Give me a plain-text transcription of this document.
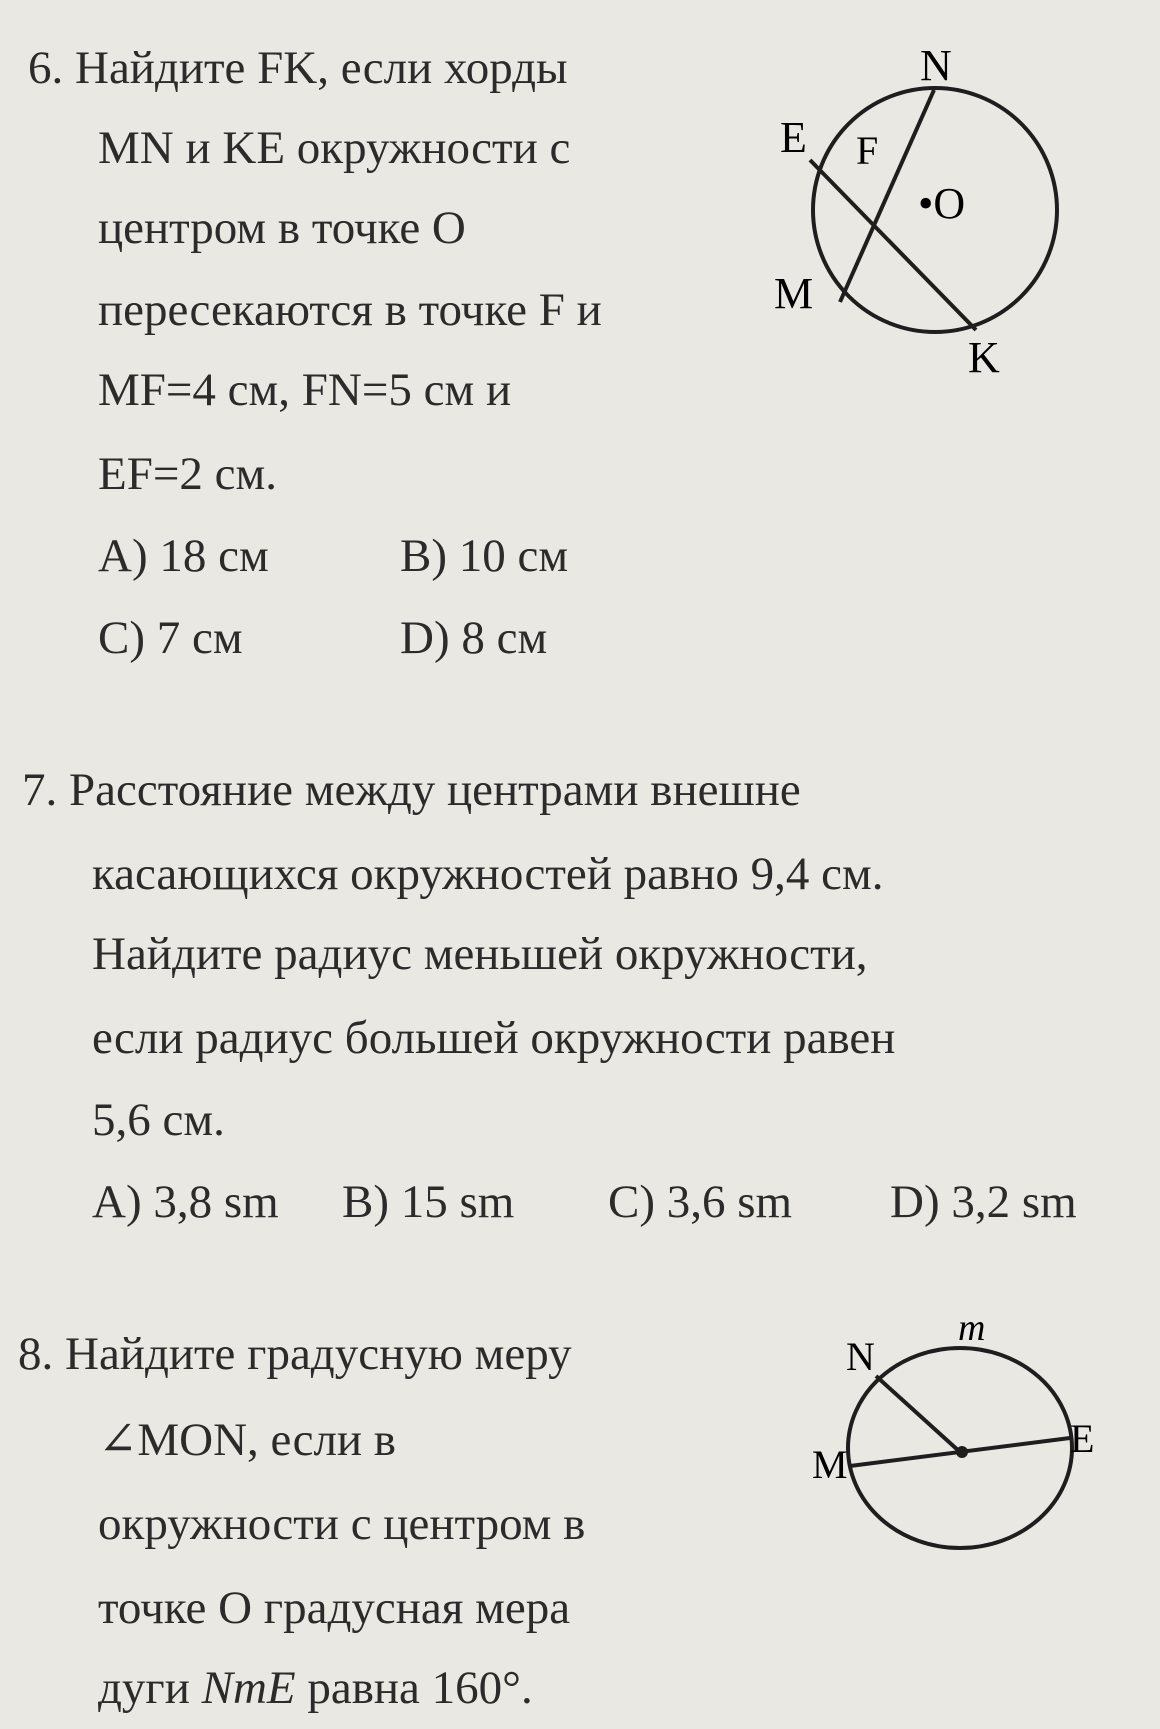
6. Найдите FK, если хорды
MN и KE окружности с
центром в точке O
пересекаются в точке F и
MF=4 см, FN=5 см и
EF=2 см.
A) 18 см	B) 10 см
C) 7 см	D) 8 см
N
E F
•O
M
K
7. Расстояние между центрами внешне
касающихся окружностей равно 9,4 см.
Найдите радиус меньшей окружности,
если радиус большей окружности равен
5,6 см.
A) 3,8 sm B) 15 sm C) 3,6 sm D) 3,2 sm
8. Найдите градусную меру
∠MON, если в
окружности с центром в
точке O градусная мера
дуги NmE равна 160°.
N
m
M
E
